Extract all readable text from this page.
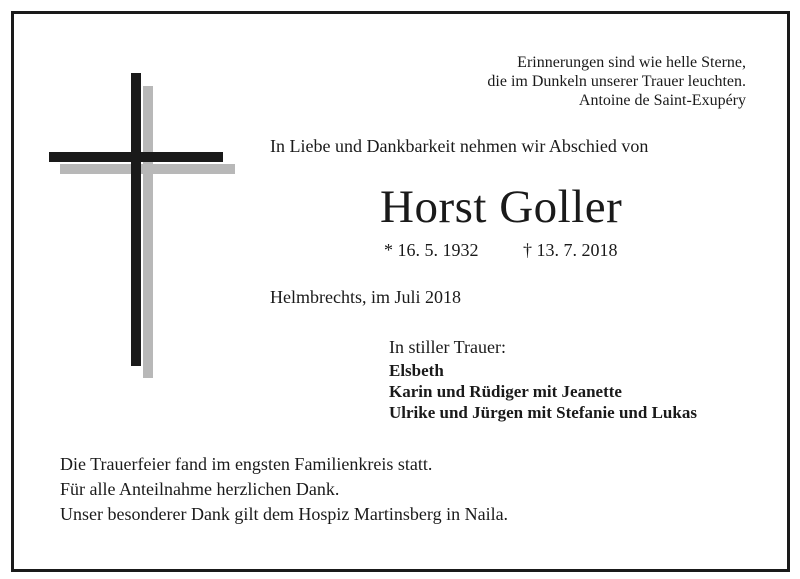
Erinnerungen sind wie helle Sterne,
die im Dunkeln unserer Trauer leuchten.
Antoine de Saint-Exupéry
In Liebe und Dankbarkeit nehmen wir Abschied von
Horst Goller
* 16. 5. 1932 † 13. 7. 2018
Helmbrechts, im Juli 2018
In stiller Trauer:
Elsbeth
Karin und Rüdiger mit Jeanette
Ulrike und Jürgen mit Stefanie und Lukas
Die Trauerfeier fand im engsten Familienkreis statt.
Für alle Anteilnahme herzlichen Dank.
Unser besonderer Dank gilt dem Hospiz Martinsberg in Naila.
